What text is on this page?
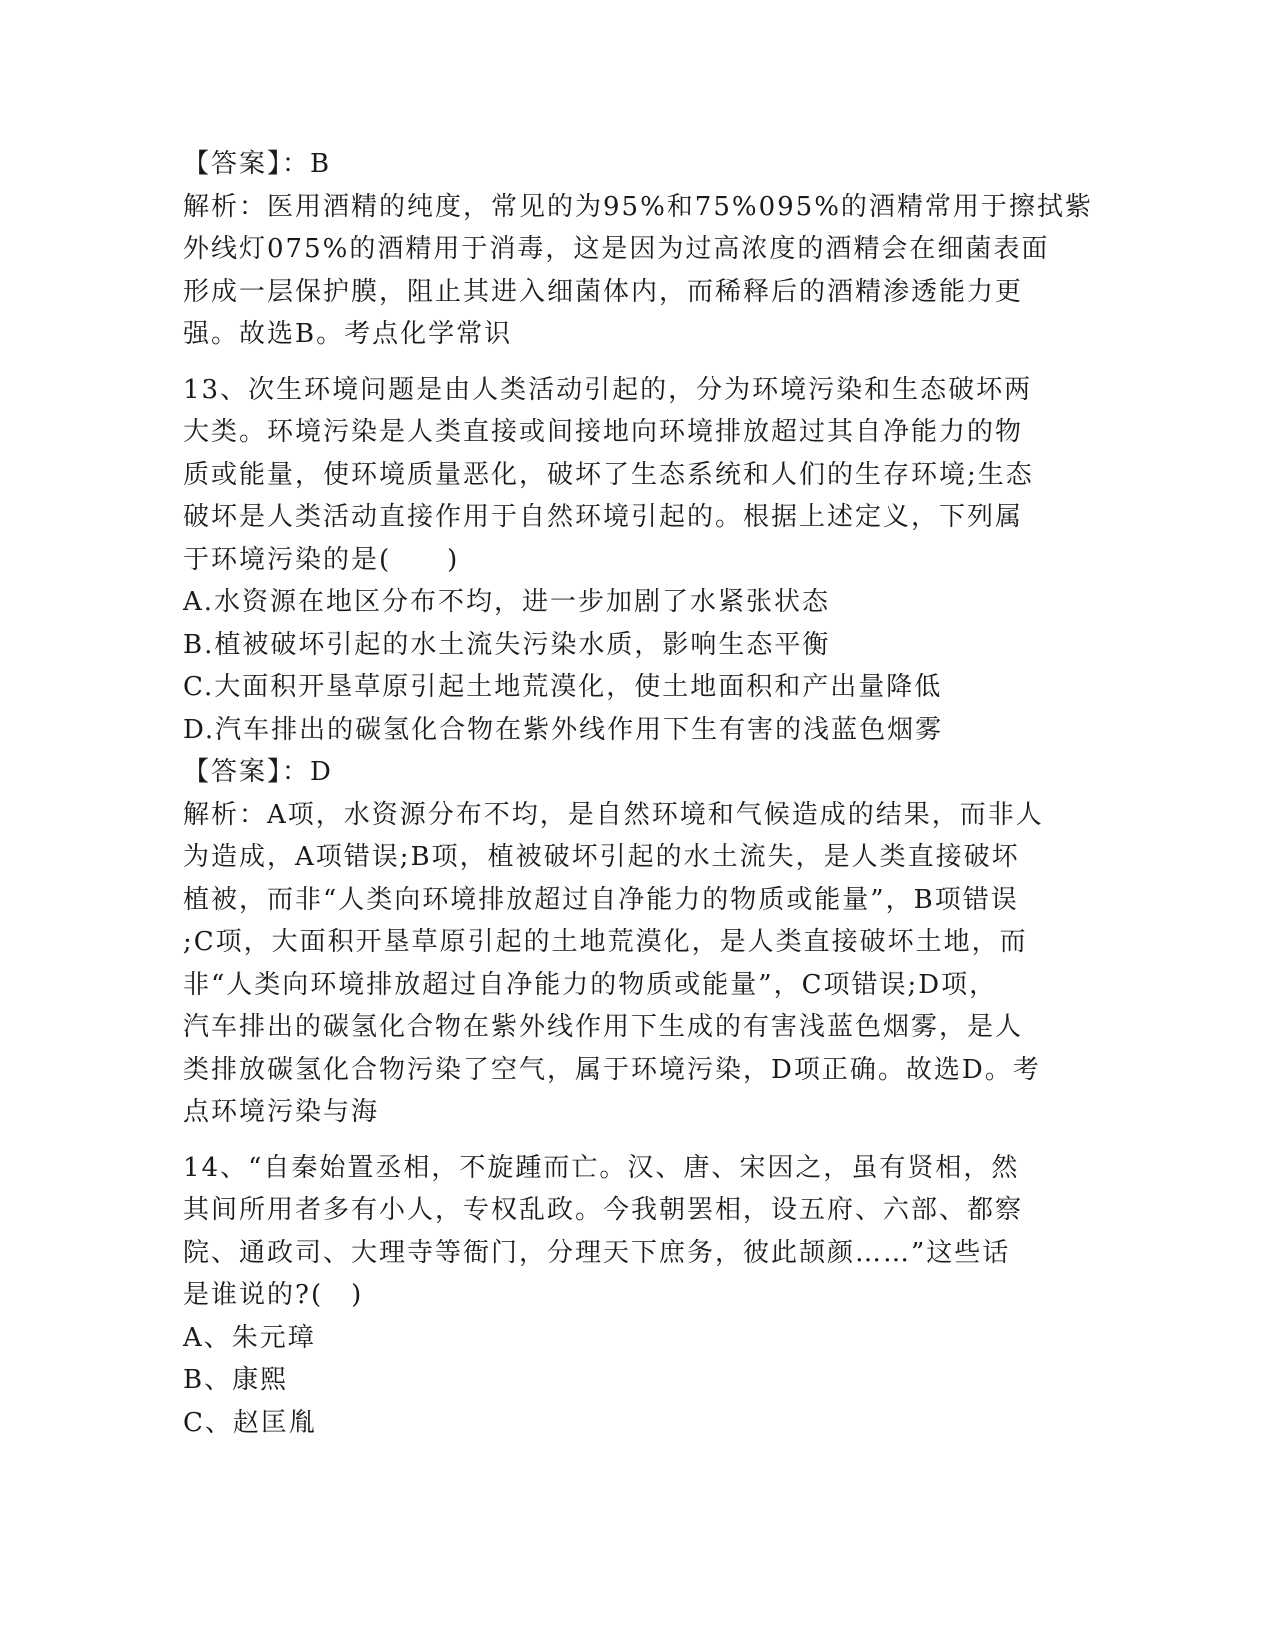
【答案】：B

解析：医用酒精的纯度，常见的为95%和75%095%的酒精常用于擦拭紫

外线灯075%的酒精用于消毒，这是因为过高浓度的酒精会在细菌表面

形成一层保护膜，阻止其进入细菌体内，而稀释后的酒精渗透能力更

强。故选B。考点化学常识

13、次生环境问题是由人类活动引起的，分为环境污染和生态破坏两

大类。环境污染是人类直接或间接地向环境排放超过其自净能力的物

质或能量，使环境质量恶化，破坏了生态系统和人们的生存环境;生态

破坏是人类活动直接作用于自然环境引起的。根据上述定义，下列属

于环境污染的是(　　)

A.水资源在地区分布不均，进一步加剧了水紧张状态

B.植被破坏引起的水土流失污染水质，影响生态平衡

C.大面积开垦草原引起土地荒漠化，使土地面积和产出量降低

D.汽车排出的碳氢化合物在紫外线作用下生有害的浅蓝色烟雾

【答案】：D

解析：A项，水资源分布不均，是自然环境和气候造成的结果，而非人

为造成，A项错误;B项，植被破坏引起的水土流失，是人类直接破坏

植被，而非“人类向环境排放超过自净能力的物质或能量”，B项错误

;C项，大面积开垦草原引起的土地荒漠化，是人类直接破坏土地，而

非“人类向环境排放超过自净能力的物质或能量”，C项错误;D项，

汽车排出的碳氢化合物在紫外线作用下生成的有害浅蓝色烟雾，是人

类排放碳氢化合物污染了空气，属于环境污染，D项正确。故选D。考

点环境污染与海

14、“自秦始置丞相，不旋踵而亡。汉、唐、宋因之，虽有贤相，然

其间所用者多有小人，专权乱政。今我朝罢相，设五府、六部、都察

院、通政司、大理寺等衙门，分理天下庶务，彼此颉颜……”这些话

是谁说的?(　)

A、朱元璋

B、康熙

C、赵匡胤
